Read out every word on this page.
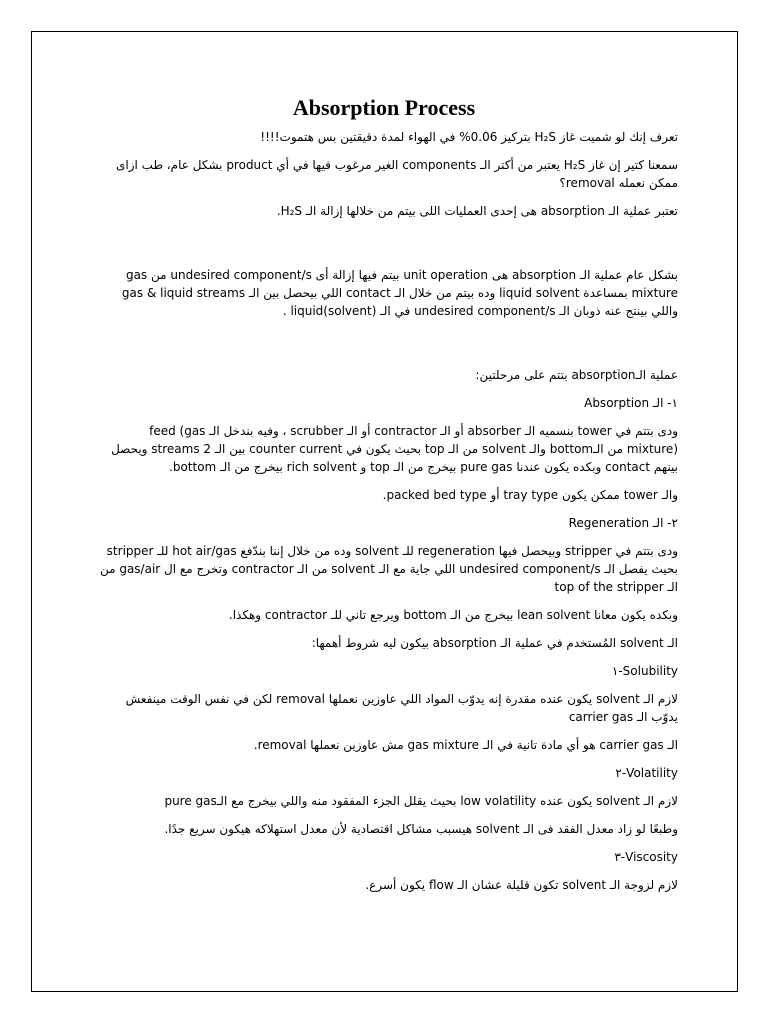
Absorption Process

تعرف إنك لو شميت غاز H₂S بتركيز 0.06% في الهواء لمدة دقيقتين بس هتموت!!!!

سمعنا كتير إن غاز H₂S يعتبر من أكتر الـ components الغير مرغوب فيها في أي product بشكل عام، طب ازاى ممكن نعمله removal؟

تعتبر عملية الـ absorption هى إحدى العمليات اللى بيتم من خلالها إزالة الـ H₂S.

بشكل عام عملية الـ absorption هى unit operation بيتم فيها إزالة أى undesired component/s من gas mixture بمساعدة liquid solvent وده بيتم من خلال الـ contact اللي بيحصل بين الـ gas & liquid streams واللي بينتج عنه ذوبان الـ undesired component/s في الـ liquid(solvent) .

عملية الـabsorption بتتم على مرحلتين:

١- الـ Absorption

ودى بتتم في tower بنسميه الـ absorber أو الـ contractor أو الـ scrubber ، وفيه بندخل الـ feed (gas mixture) من الـbottom والـ solvent من الـ top بحيث يكون في counter current بين الـ streams 2 ويحصل بينهم contact وبكده يكون عندنا pure gas بيخرج من الـ top و rich solvent بيخرج من الـ bottom.

والـ tower ممكن يكون tray type أو packed bed type.

٢- الـ Regeneration

ودى بتتم في stripper وبيحصل فيها regeneration للـ solvent وده من خلال إننا بندّفع hot air/gas للـ stripper بحيث يفصل الـ undesired component/s اللي جاية مع الـ solvent من الـ contractor وتخرج مع ال gas/air من الـ top of the stripper

وبكده يكون معانا lean solvent بيخرج من الـ bottom ويرجع تاني للـ contractor وهكذا.

الـ solvent المُستخدم في عملية الـ absorption بيكون ليه شروط أهمها:

Solubility-١

لازم الـ solvent يكون عنده مقدرة إنه يدوّب المواد اللي عاوزين نعملها removal لكن في نفس الوقت مينفعش يدوّب الـ carrier gas

الـ carrier gas هو أي مادة تانية في الـ gas mixture مش عاوزين نعملها removal.

Volatility-٢

لازم الـ solvent يكون عنده low volatility بحيث يقلل الجزء المفقود منه واللي بيخرج مع الـpure gas

وطبعًا لو زاد معدل الفقد فى الـ solvent هيسبب مشاكل اقتصادية لأن معدل استهلاكه هيكون سريع جدًا.

Viscosity-٣

لازم لزوجة الـ solvent تكون قليلة عشان الـ flow يكون أسرع.
